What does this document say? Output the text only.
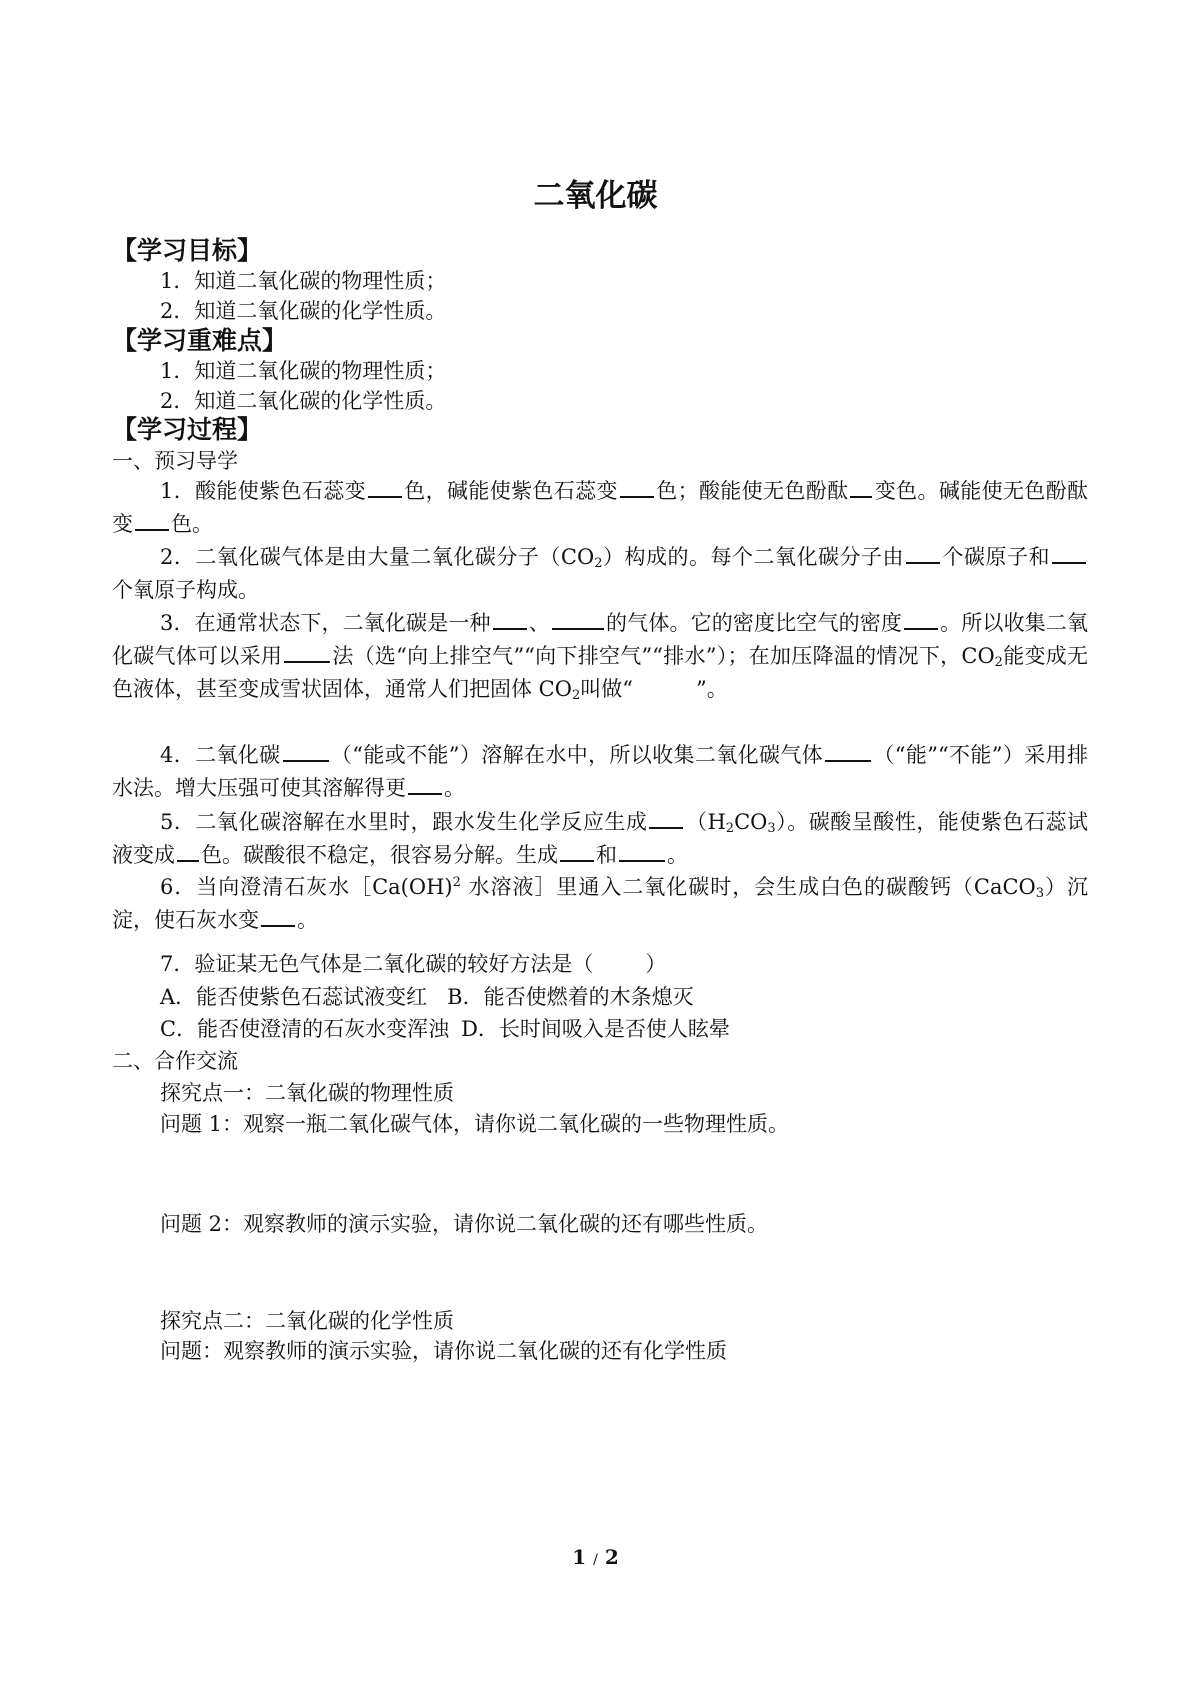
二氧化碳
【学习目标】
1．知道二氧化碳的物理性质；
2．知道二氧化碳的化学性质。
【学习重难点】
1．知道二氧化碳的物理性质；
2．知道二氧化碳的化学性质。
【学习过程】
一、预习导学
1．酸能使紫色石蕊变 色，碱能使紫色石蕊变 色；酸能使无色酚酞 变色。碱能使无色酚酞变 色。
2．二氧化碳气体是由大量二氧化碳分子$(CO_2)$构成的。每个二氧化碳分子由 个碳原子和个氧原子构成。
3．在通常状态下，二氧化碳是一种 、	的气体。它的密度比空气的密度 。所以收集二氧化碳气体可以采用 法（选“向上排空气”“向下排空气”“排水”）；在加压降温的情况下，$CO_2$能变成无色液体，甚至变成雪状固体，通常人们把固体 $CO_2$叫做“　　　”。
4．二氧化碳 （“能或不能”）溶解在水中，所以收集二氧化碳气体 （“能”“不能”）采用排水法。增大压强可使其溶解得更 。
5．二氧化碳溶解在水里时，跟水发生化学反应生成 $(H_2CO_3)$。碳酸呈酸性，能使紫色石蕊试液变成 色。碳酸很不稳定，很容易分解。生成 和 。
6．当向澄清石灰水［Ca(OH)$^2$ 水溶液］里通入二氧化碳时，会生成白色的碳酸钙（CaCO$_3$）沉淀，使石灰水变 。
7．验证某无色气体是二氧化碳的较好方法是（ ）
A．能否使紫色石蕊试液变红 B．能否使燃着的木条熄灭
C．能否使澄清的石灰水变浑浊 D．长时间吸入是否使人眩晕
二、合作交流
探究点一：二氧化碳的物理性质
问题 1：观察一瓶二氧化碳气体，请你说二氧化碳的一些物理性质。
问题 2：观察教师的演示实验，请你说二氧化碳的还有哪些性质。
探究点二：二氧化碳的化学性质
问题：观察教师的演示实验，请你说二氧化碳的还有化学性质
1 / 2
